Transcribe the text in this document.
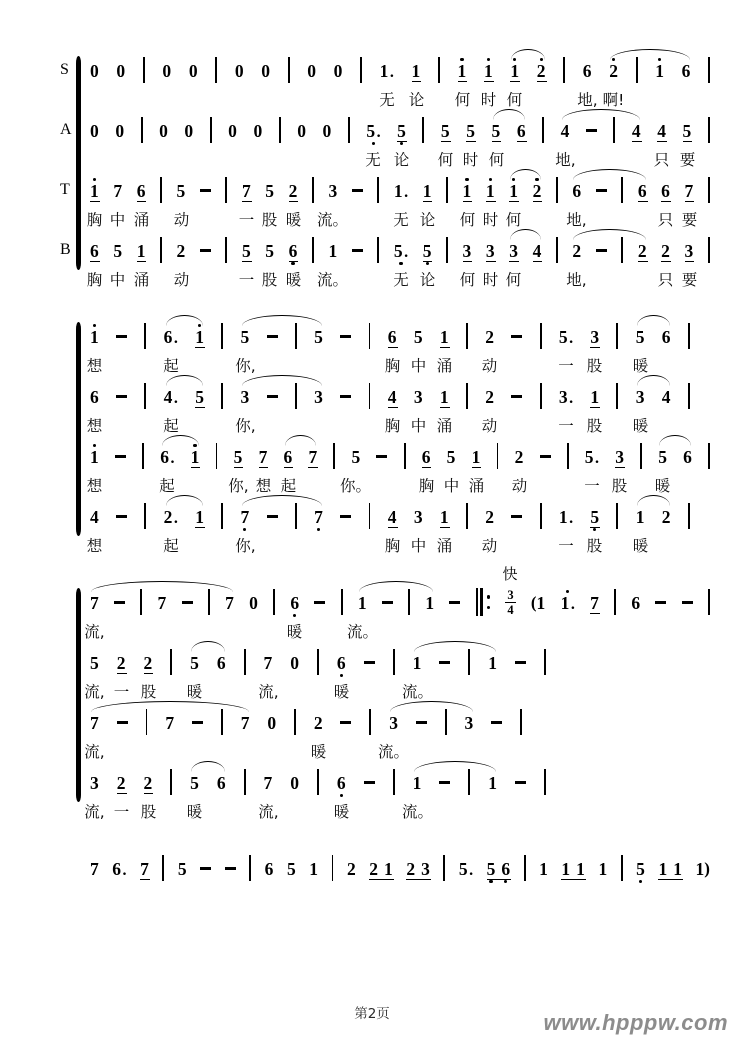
S 0 0 0 0 0 0 0 0 1. 1 1 1 1 2 6 2 1 6
无 论 何 时 何	地, 啊!
A 0 0 0 0 0 0 0 0 5. 5 5 5 5 6 4	4 4 5
无 论 何 时 何	地,	只 要
T 1 7 6 5	7 5 2 3	1. 1 1 1 1 2 6	6 6 7
胸 中 涌 动	一 股 暖 流。	无 论 何 时 何	地,	只 要
B 6 5 1 2	5 5 6 1	5. 5 3 3 3 4 2	2 2 3
胸 中 涌 动	一 股 暖 流。	无 论 何 时 何	地,	只 要
1	6. 1 5	5	6 5 1 2	5. 3 5 6
想	起	你,	胸 中 涌 动	一 股 暖
6	4. 5 3	3	4 3 1 2	3. 1 3 4
想	起	你,	胸 中 涌 动	一 股 暖
1	6. 1 5 7 6 7 5	6 5 1 2	5. 3 5 6
想	起	你, 想 起	你。	胸 中 涌 动	一 股 暖
4	2. 1 7	7	4 3 1 2	1. 5 1 2
想	起	你,	胸 中 涌 动	一 股 暖
7	7	7 0 6	1	1	$\frac{3}{4}$ ( 1 1. 7 6
流,	暖	流。
快
5 2 2 5 6 7 0 6	1	1
流, 一 股 暖	流,	暖	流。
7	7	7 0 2	3	3
流,	暖	流。
3 2 2 5 6 7 0 6	1	1
流, 一 股 暖	流,	暖	流。
7 6. 7 5	6 5 1 2 2 1 2 3 5. 5 6 1 1 1 1 5 1 1 1 )
第2页	www.hpppw.com
